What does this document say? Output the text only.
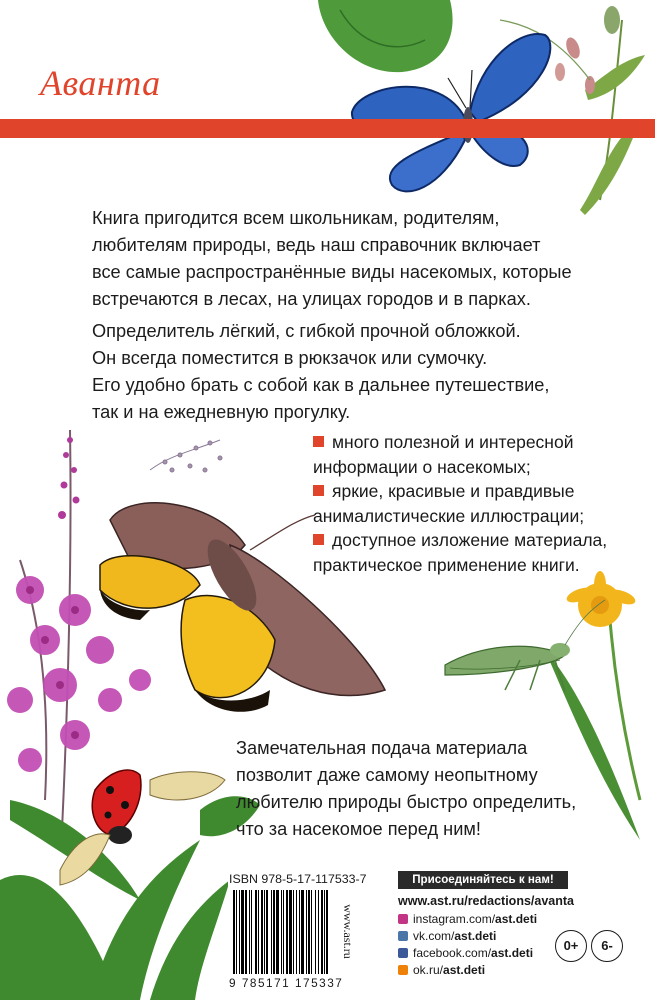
Аванта

Книга пригодится всем школьникам, родителям,
любителям природы, ведь наш справочник включает
все самые распространённые виды насекомых, которые
встречаются в лесах, на улицах городов и в парках.

Определитель лёгкий, с гибкой прочной обложкой.
Он всегда поместится в рюкзачок или сумочку.
Его удобно брать с собой как в дальнее путешествие,
так и на ежедневную прогулку.

много полезной и интересной
информации о насекомых;
яркие, красивые и правдивые
анималистические иллюстрации;
доступное изложение материала,
практическое применение книги.

Замечательная подача материала
позволит даже самому неопытному
любителю природы быстро определить,
что за насекомое перед ним!

ISBN 978-5-17-117533-7
9 785171 175337
www.ast.ru
Присоединяйтесь к нам!
www.ast.ru/redactions/avanta

instagram.com/ ast.deti

vk.com/ ast.deti

facebook.com/ ast.deti

ok.ru/ ast.deti

0+	6-
